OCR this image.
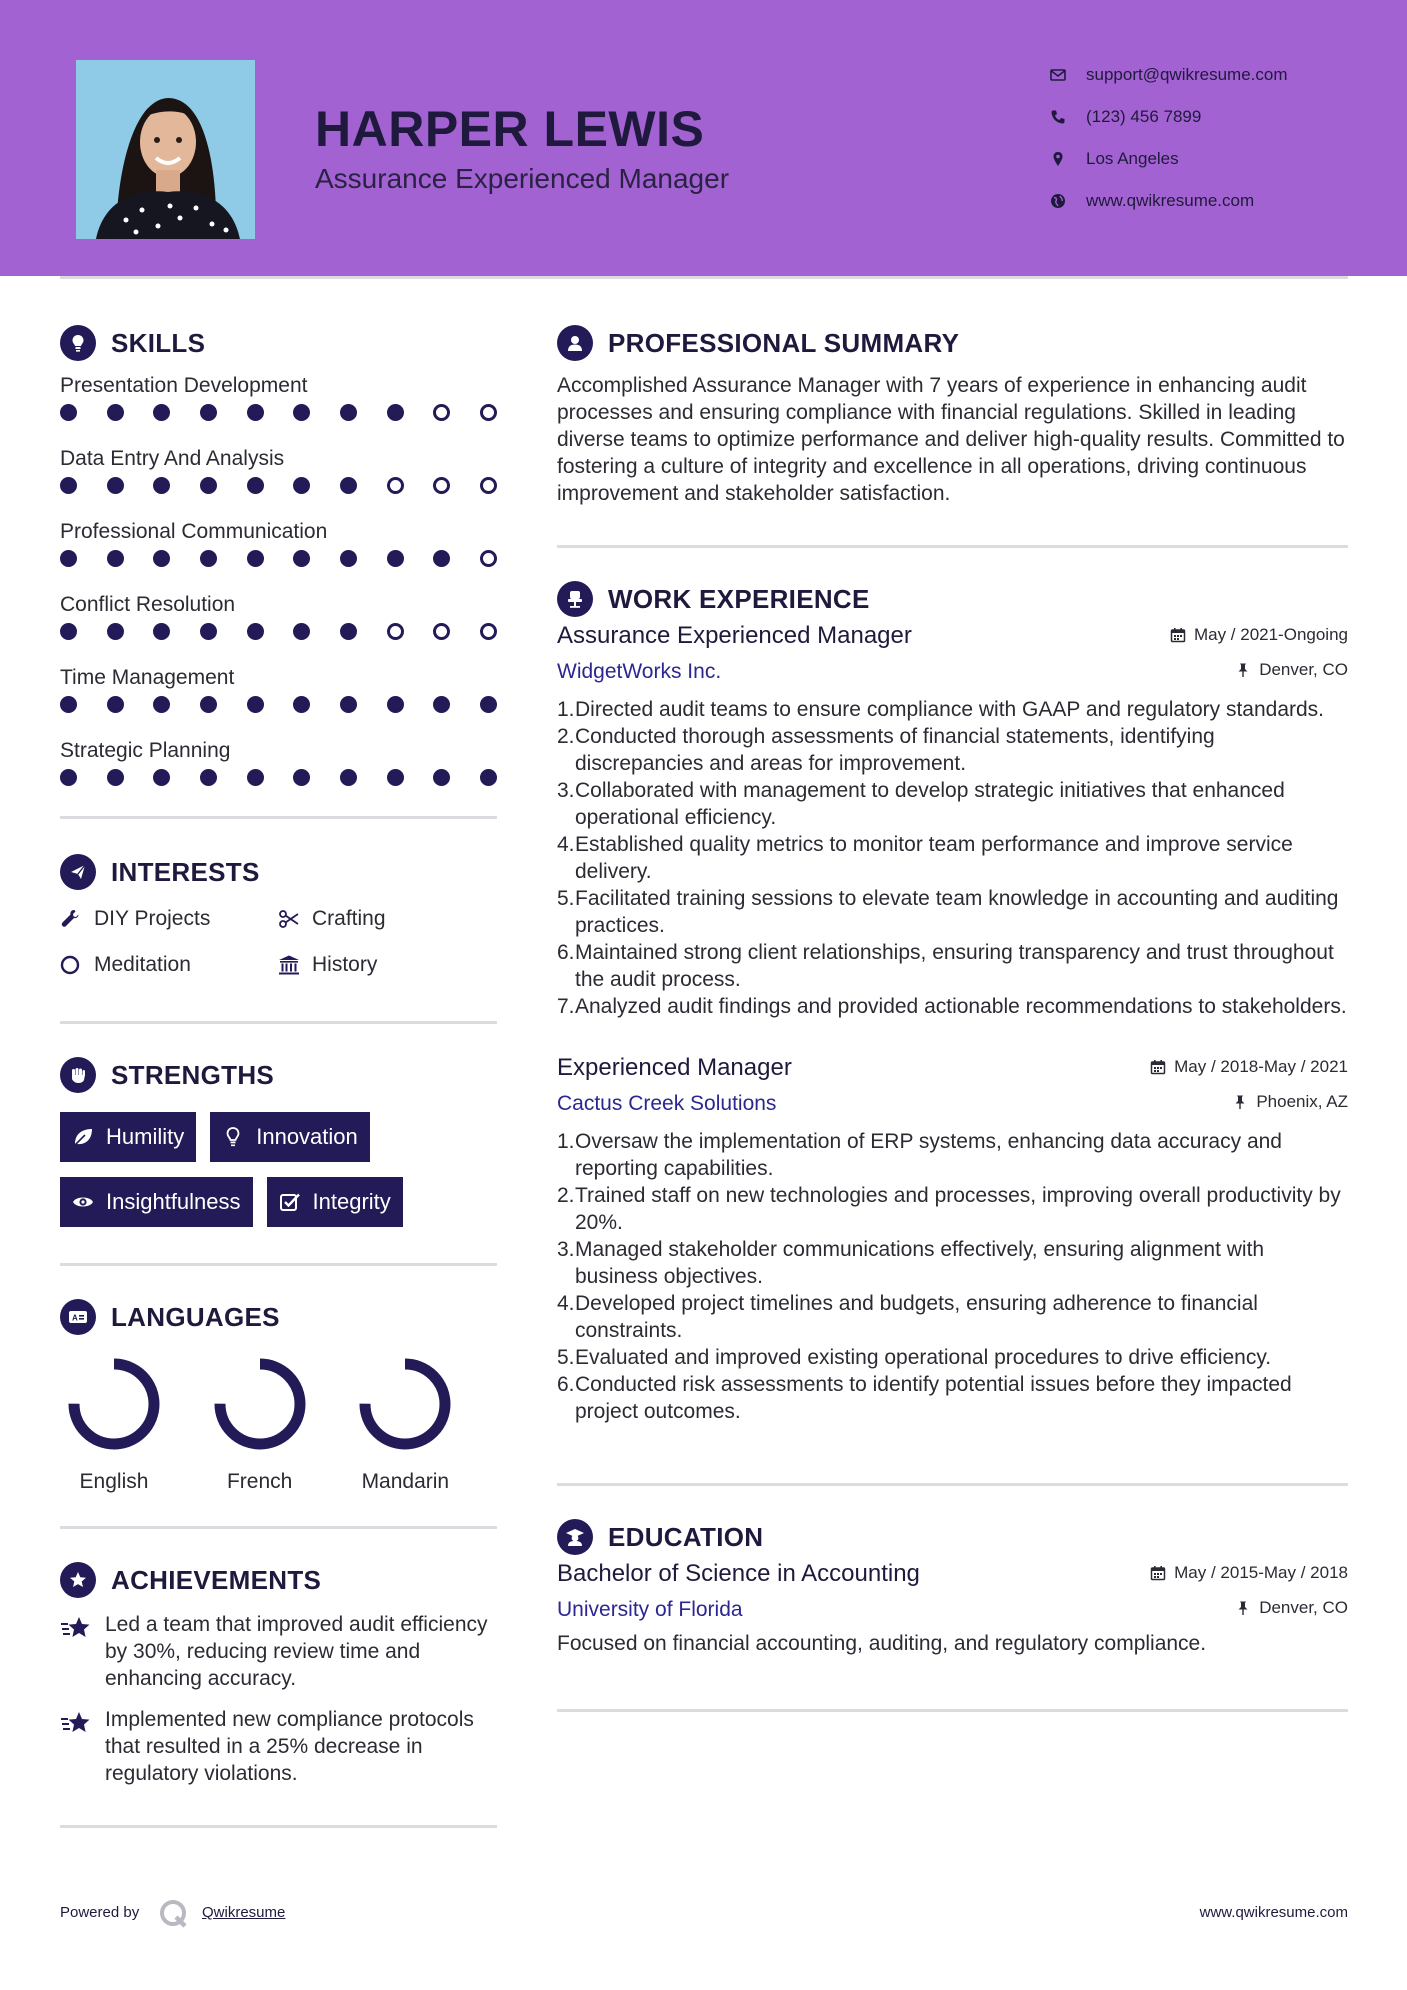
HARPER LEWIS
Assurance Experienced Manager
support@qwikresume.com
(123) 456 7899
Los Angeles
www.qwikresume.com
SKILLS
Presentation Development
Data Entry And Analysis
Professional Communication
Conflict Resolution
Time Management
Strategic Planning
INTERESTS
DIY Projects	Crafting
Meditation	History
STRENGTHS
Humility	Innovation
Insightfulness	Integrity
A LANGUAGES
English	French	Mandarin
ACHIEVEMENTS
Led a team that improved audit efficiency by 30%, reducing review time and enhancing accuracy.
Implemented new compliance protocols that resulted in a 25% decrease in regulatory violations.
PROFESSIONAL SUMMARY
Accomplished Assurance Manager with 7 years of experience in enhancing audit processes and ensuring compliance with financial regulations. Skilled in leading diverse teams to optimize performance and deliver high-quality results. Committed to fostering a culture of integrity and excellence in all operations, driving continuous improvement and stakeholder satisfaction.
WORK EXPERIENCE
Assurance Experienced Manager	May / 2021-Ongoing
WidgetWorks Inc.	Denver, CO
1. Directed audit teams to ensure compliance with GAAP and regulatory standards.
2. Conducted thorough assessments of financial statements, identifying discrepancies and areas for improvement.
3. Collaborated with management to develop strategic initiatives that enhanced operational efficiency.
4. Established quality metrics to monitor team performance and improve service delivery.
5. Facilitated training sessions to elevate team knowledge in accounting and auditing practices.
6. Maintained strong client relationships, ensuring transparency and trust throughout the audit process.
7. Analyzed audit findings and provided actionable recommendations to stakeholders.
Experienced Manager	May / 2018-May / 2021
Cactus Creek Solutions	Phoenix, AZ
1. Oversaw the implementation of ERP systems, enhancing data accuracy and reporting capabilities.
2. Trained staff on new technologies and processes, improving overall productivity by 20%.
3. Managed stakeholder communications effectively, ensuring alignment with business objectives.
4. Developed project timelines and budgets, ensuring adherence to financial constraints.
5. Evaluated and improved existing operational procedures to drive efficiency.
6. Conducted risk assessments to identify potential issues before they impacted project outcomes.
EDUCATION
Bachelor of Science in Accounting	May / 2015-May / 2018
University of Florida	Denver, CO
Focused on financial accounting, auditing, and regulatory compliance.
Powered by	Qwikresume	www.qwikresume.com
